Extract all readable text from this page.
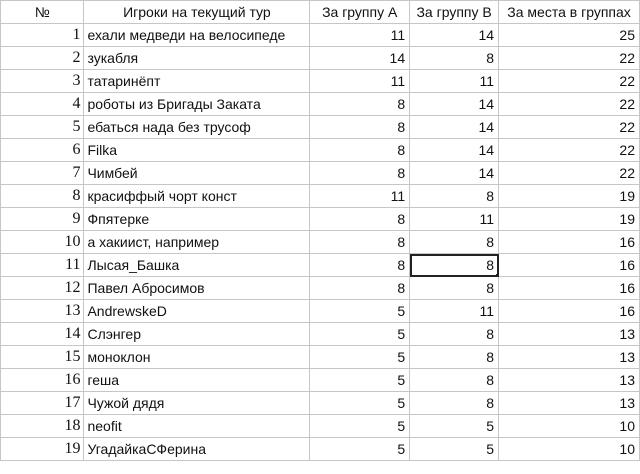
№	Игроки на текущий тур	За группу А	За группу В	За места в группах
1	ехали медведи на велосипеде	11	14	25
2	зукабля	14	8	22
3	татаринёпт	11	11	22
4	роботы из Бригады Заката	8	14	22
5	ебаться нада без трусоф	8	14	22
6	Filka	8	14	22
7	Чимбей	8	14	22
8	красиффый чорт конст	11	8	19
9	Фпятерке	8	11	19
10	а хакиист, например	8	8	16
11	Лысая_Башка	8	8	16
12	Павел Абросимов	8	8	16
13	AndrewskeD	5	11	16
14	Слэнгер	5	8	13
15	моноклон	5	8	13
16	геша	5	8	13
17	Чужой дядя	5	8	13
18	neofit	5	5	10
19	УгадайкаСФерина	5	5	10
